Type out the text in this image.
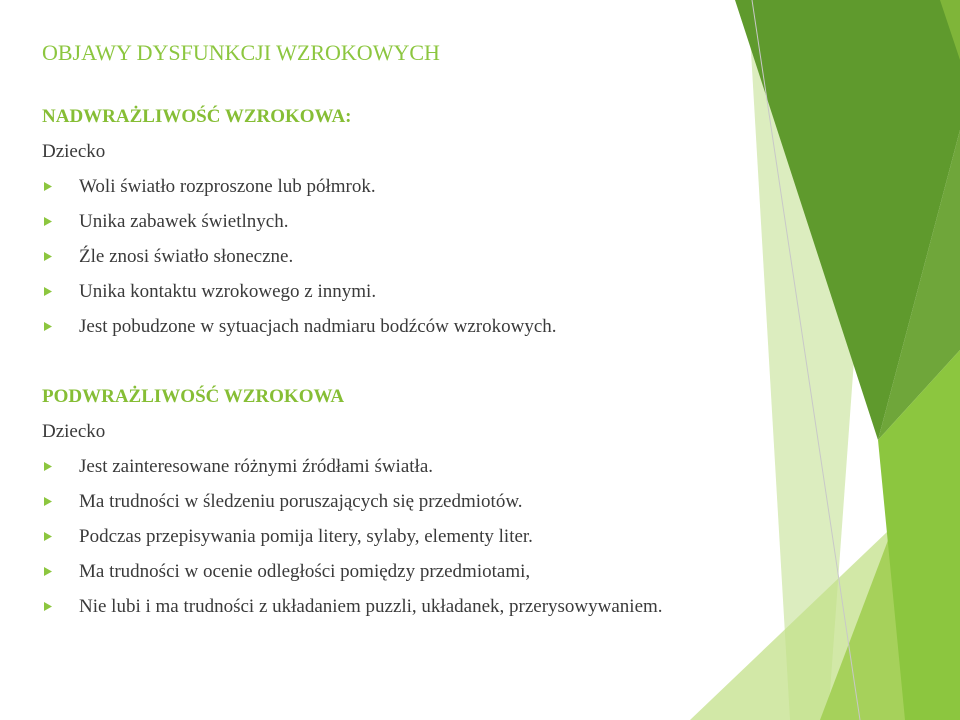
OBJAWY DYSFUNKCJI WZROKOWYCH
NADWRAŻLIWOŚĆ WZROKOWA:

Dziecko

Woli światło rozproszone lub półmrok.
Unika zabawek świetlnych.
Źle znosi światło słoneczne.
Unika kontaktu wzrokowego z innymi.
Jest pobudzone w sytuacjach nadmiaru bodźców wzrokowych.
PODWRAŻLIWOŚĆ WZROKOWA

Dziecko

Jest zainteresowane różnymi źródłami światła.
Ma trudności w śledzeniu poruszających się przedmiotów.
Podczas przepisywania pomija litery, sylaby, elementy liter.
Ma trudności w ocenie odległości pomiędzy przedmiotami,
Nie lubi i ma trudności z układaniem puzzli, układanek, przerysowywaniem.
